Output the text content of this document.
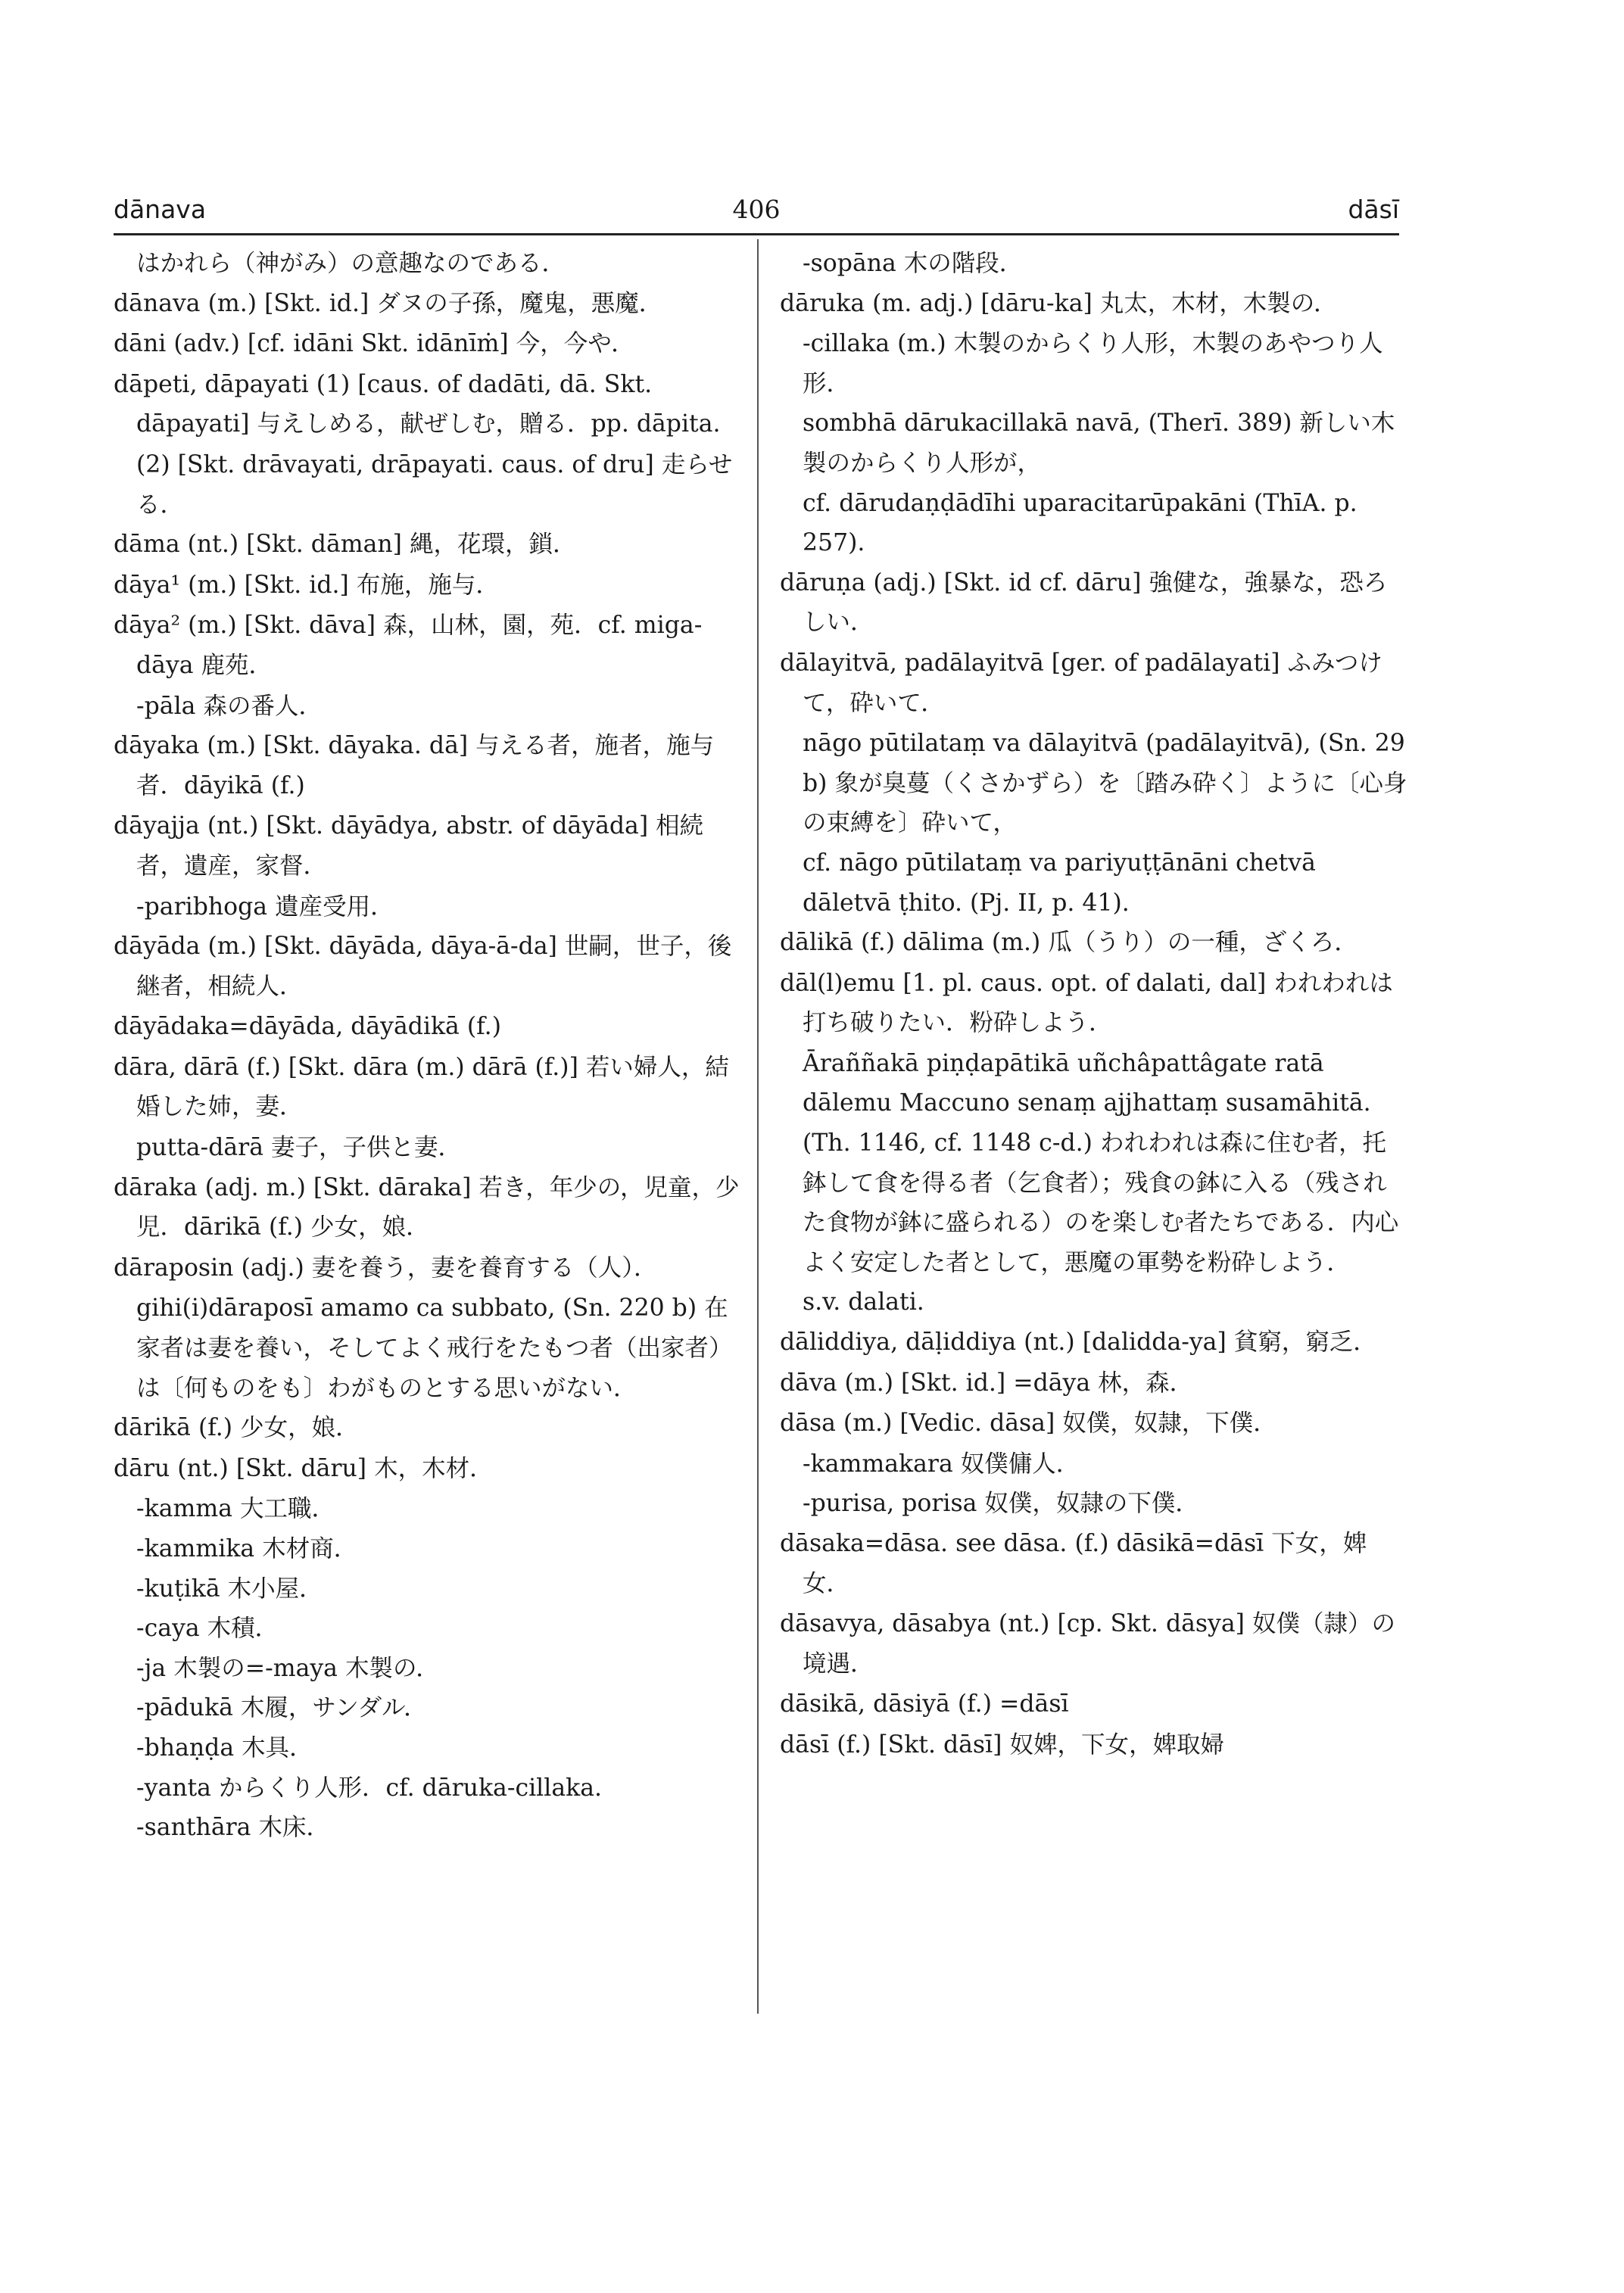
dānava	406	dāsī

はかれら（神がみ）の意趣なのである．

dānava (m.) [Skt. id.] ダヌの子孫，魔鬼，悪魔．

dāni (adv.) [cf. idāni Skt. idānīṁ] 今，今や．

dāpeti, dāpayati (1) [caus. of dadāti, dā. Skt. dāpayati] 与えしめる，献ぜしむ，贈る．pp. dāpita.

(2) [Skt. drāvayati, drāpayati. caus. of dru] 走らせる．

dāma (nt.) [Skt. dāman] 縄，花環，鎖．

dāya¹ (m.) [Skt. id.] 布施，施与．

dāya² (m.) [Skt. dāva] 森，山林，園，苑．cf. miga-dāya 鹿苑．

-pāla 森の番人．

dāyaka (m.) [Skt. dāyaka. dā] 与える者，施者，施与者．dāyikā (f.)

dāyajja (nt.) [Skt. dāyādya, abstr. of dāyāda] 相続者，遺産，家督．

-paribhoga 遺産受用．

dāyāda (m.) [Skt. dāyāda, dāya-ā-da] 世嗣，世子，後継者，相続人．

dāyādaka=dāyāda, dāyādikā (f.)

dāra, dārā (f.) [Skt. dāra (m.) dārā (f.)] 若い婦人，結婚した姉，妻．

putta-dārā 妻子，子供と妻．

dāraka (adj. m.) [Skt. dāraka] 若き，年少の，児童，少児．dārikā (f.) 少女，娘．

dāraposin (adj.) 妻を養う，妻を養育する（人）．

gihi(i)dāraposī amamo ca subbato, (Sn. 220 b) 在家者は妻を養い，そしてよく戒行をたもつ者（出家者）は〔何ものをも〕わがものとする思いがない．

dārikā (f.) 少女，娘．

dāru (nt.) [Skt. dāru] 木，木材．

-kamma 大工職．

-kammika 木材商．

-kuṭikā 木小屋．

-caya 木積．

-ja 木製の=-maya 木製の．

-pādukā 木履，サンダル．

-bhaṇḍa 木具．

-yanta からくり人形．cf. dāruka-cillaka.

-santhāra 木床．

-sopāna 木の階段．

dāruka (m. adj.) [dāru-ka] 丸太，木材，木製の．

-cillaka (m.) 木製のからくり人形，木製のあやつり人形．

sombhā dārukacillakā navā, (Therī. 389) 新しい木製のからくり人形が，

cf. dārudaṇḍādīhi uparacitarūpakāni (ThīA. p. 257).

dāruṇa (adj.) [Skt. id cf. dāru] 強健な，強暴な，恐ろしい．

dālayitvā, padālayitvā [ger. of padālayati] ふみつけて，砕いて．

nāgo pūtilataṃ va dālayitvā (padālayitvā), (Sn. 29 b) 象が臭蔓（くさかずら）を〔踏み砕く〕ように〔心身の束縛を〕砕いて，

cf. nāgo pūtilataṃ va pariyuṭṭānāni chetvā dāletvā ṭhito. (Pj. II, p. 41).

dālikā (f.) dālima (m.) 瓜（うり）の一種，ざくろ．

dāl(l)emu [1. pl. caus. opt. of dalati, dal] われわれは打ち破りたい．粉砕しよう．

Āraññakā piṇḍapātikā uñchâpattâgate ratā dālemu Maccuno senaṃ ajjhattaṃ susamāhitā. (Th. 1146, cf. 1148 c-d.) われわれは森に住む者，托鉢して食を得る者（乞食者）；残食の鉢に入る（残された食物が鉢に盛られる）のを楽しむ者たちである．内心よく安定した者として，悪魔の軍勢を粉砕しよう．

s.v. dalati.

dāliddiya, dāḷiddiya (nt.) [dalidda-ya] 貧窮，窮乏．

dāva (m.) [Skt. id.] =dāya 林，森．

dāsa (m.) [Vedic. dāsa] 奴僕，奴隷，下僕．

-kammakara 奴僕傭人．

-purisa, porisa 奴僕，奴隷の下僕．

dāsaka=dāsa. see dāsa. (f.) dāsikā=dāsī 下女，婢女．

dāsavya, dāsabya (nt.) [cp. Skt. dāsya] 奴僕（隷）の境遇．

dāsikā, dāsiyā (f.) =dāsī

dāsī (f.) [Skt. dāsī] 奴婢，下女，婢取婦
